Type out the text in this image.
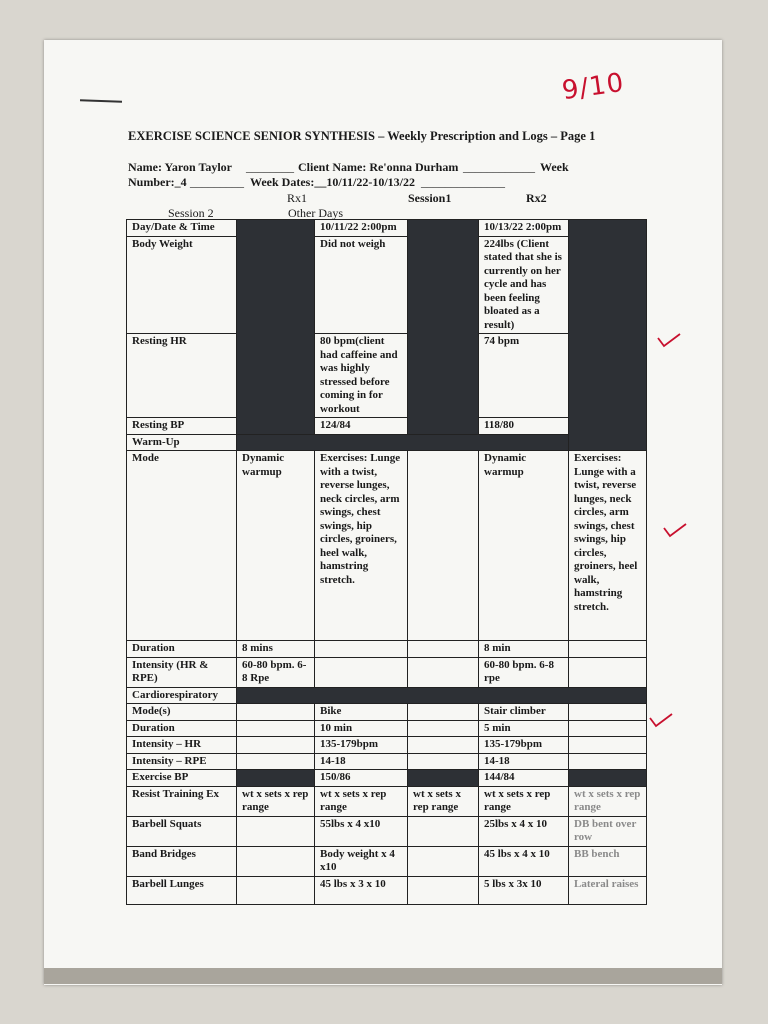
9/10
EXERCISE SCIENCE SENIOR SYNTHESIS – Weekly Prescription and Logs – Page 1
Name: Yaron Taylor ________ Client Name: Re'onna Durham ____________ Week
Number:_4 _________ Week Dates:__10/11/22-10/13/22 ______________
Rx1	Session1	Rx2
Session 2	Other Days
Day/Date & Time		10/11/22 2:00pm		10/13/22 2:00pm	
Body Weight		Did not weigh		224lbs (Client stated that she is currently on her cycle and has been feeling bloated as a result)	
Resting HR		80 bpm(client had caffeine and was highly stressed before coming in for workout		74 bpm	
Resting BP		124/84		118/80	
Warm-Up					
Mode	Dynamic warmup	Exercises: Lunge with a twist, reverse lunges, neck circles, arm swings, chest swings, hip circles, groiners, heel walk, hamstring stretch.		Dynamic warmup	Exercises: Lunge with a twist, reverse lunges, neck circles, arm swings, chest swings, hip circles, groiners, heel walk, hamstring stretch.
Duration	8 mins			8 min	
Intensity (HR & RPE)	60-80 bpm. 6-8 Rpe			60-80 bpm. 6-8 rpe	
Cardiorespiratory					
Mode(s)		Bike		Stair climber	
Duration		10 min		5 min	
Intensity – HR		135-179bpm		135-179bpm	
Intensity – RPE		14-18		14-18	
Exercise BP		150/86		144/84	
Resist Training Ex	wt x sets x rep range	wt x sets x rep range	wt x sets x rep range	wt x sets x rep range	wt x sets x rep range
Barbell Squats		55lbs x 4 x10		25lbs x 4 x 10	DB bent over row
Band Bridges		Body weight x 4 x10		45 lbs x 4 x 10	BB bench
Barbell Lunges		45 lbs x 3 x 10		5 lbs x 3x 10	Lateral raises
